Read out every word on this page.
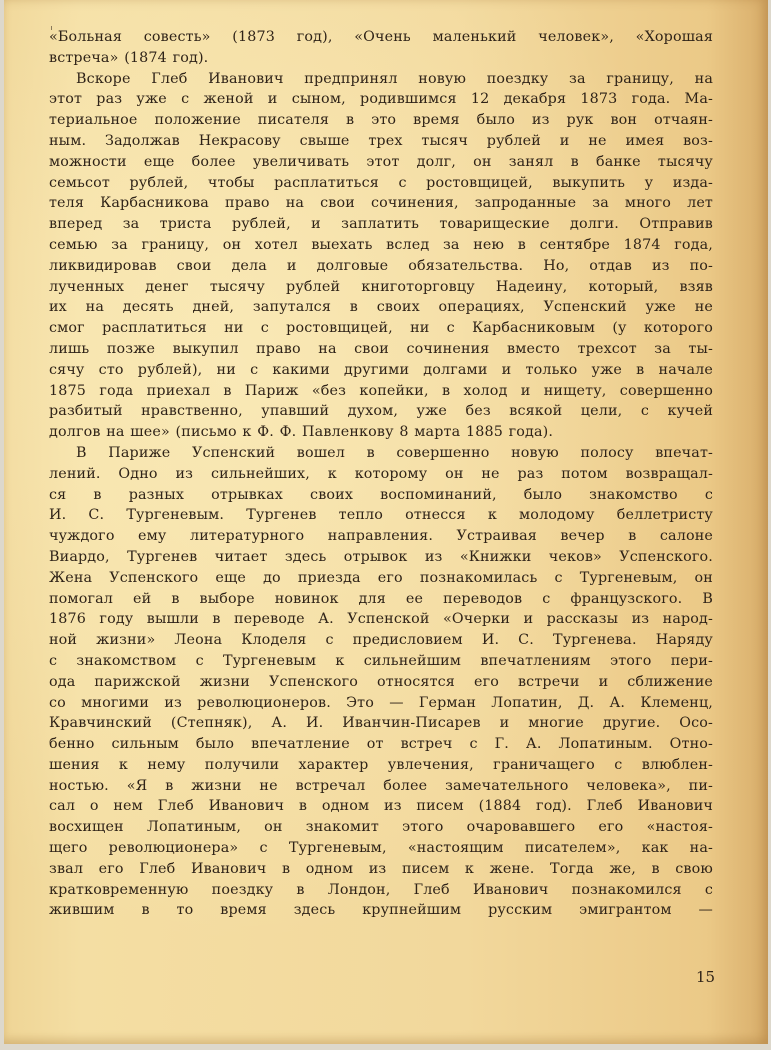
«Больная совесть» (1873 год), «Очень маленький человек», «Хорошая
встреча» (1874 год).
Вскоре Глеб Иванович предпринял новую поездку за границу, на
этот раз уже с женой и сыном, родившимся 12 декабря 1873 года. Ма-
териальное положение писателя в это время было из рук вон отчаян-
ным. Задолжав Некрасову свыше трех тысяч рублей и не имея воз-
можности еще более увеличивать этот долг, он занял в банке тысячу
семьсот рублей, чтобы расплатиться с ростовщицей, выкупить у изда-
теля Карбасникова право на свои сочинения, запроданные за много лет
вперед за триста рублей, и заплатить товарищеские долги. Отправив
семью за границу, он хотел выехать вслед за нею в сентябре 1874 года,
ликвидировав свои дела и долговые обязательства. Но, отдав из по-
лученных денег тысячу рублей книготорговцу Надеину, который, взяв
их на десять дней, запутался в своих операциях, Успенский уже не
смог расплатиться ни с ростовщицей, ни с Карбасниковым (у которого
лишь позже выкупил право на свои сочинения вместо трехсот за ты-
сячу сто рублей), ни с какими другими долгами и только уже в начале
1875 года приехал в Париж «без копейки, в холод и нищету, совершенно
разбитый нравственно, упавший духом, уже без всякой цели, с кучей
долгов на шее» (письмо к Ф. Ф. Павленкову 8 марта 1885 года).
В Париже Успенский вошел в совершенно новую полосу впечат-
лений. Одно из сильнейших, к которому он не раз потом возвращал-
ся в разных отрывках своих воспоминаний, было знакомство с
И. С. Тургеневым. Тургенев тепло отнесся к молодому беллетристу
чуждого ему литературного направления. Устраивая вечер в салоне
Виардо, Тургенев читает здесь отрывок из «Книжки чеков» Успенского.
Жена Успенского еще до приезда его познакомилась с Тургеневым, он
помогал ей в выборе новинок для ее переводов с французского. В
1876 году вышли в переводе А. Успенской «Очерки и рассказы из народ-
ной жизни» Леона Клоделя с предисловием И. С. Тургенева. Наряду
с знакомством с Тургеневым к сильнейшим впечатлениям этого пери-
ода парижской жизни Успенского относятся его встречи и сближение
со многими из революционеров. Это — Герман Лопатин, Д. А. Клеменц,
Кравчинский (Степняк), А. И. Иванчин-Писарев и многие другие. Осо-
бенно сильным было впечатление от встреч с Г. А. Лопатиным. Отно-
шения к нему получили характер увлечения, граничащего с влюблен-
ностью. «Я в жизни не встречал более замечательного человека», пи-
сал о нем Глеб Иванович в одном из писем (1884 год). Глеб Иванович
восхищен Лопатиным, он знакомит этого очаровавшего его «настоя-
щего революционера» с Тургеневым, «настоящим писателем», как на-
звал его Глеб Иванович в одном из писем к жене. Тогда же, в свою
кратковременную поездку в Лондон, Глеб Иванович познакомился с
жившим в то время здесь крупнейшим русским эмигрантом —
15
